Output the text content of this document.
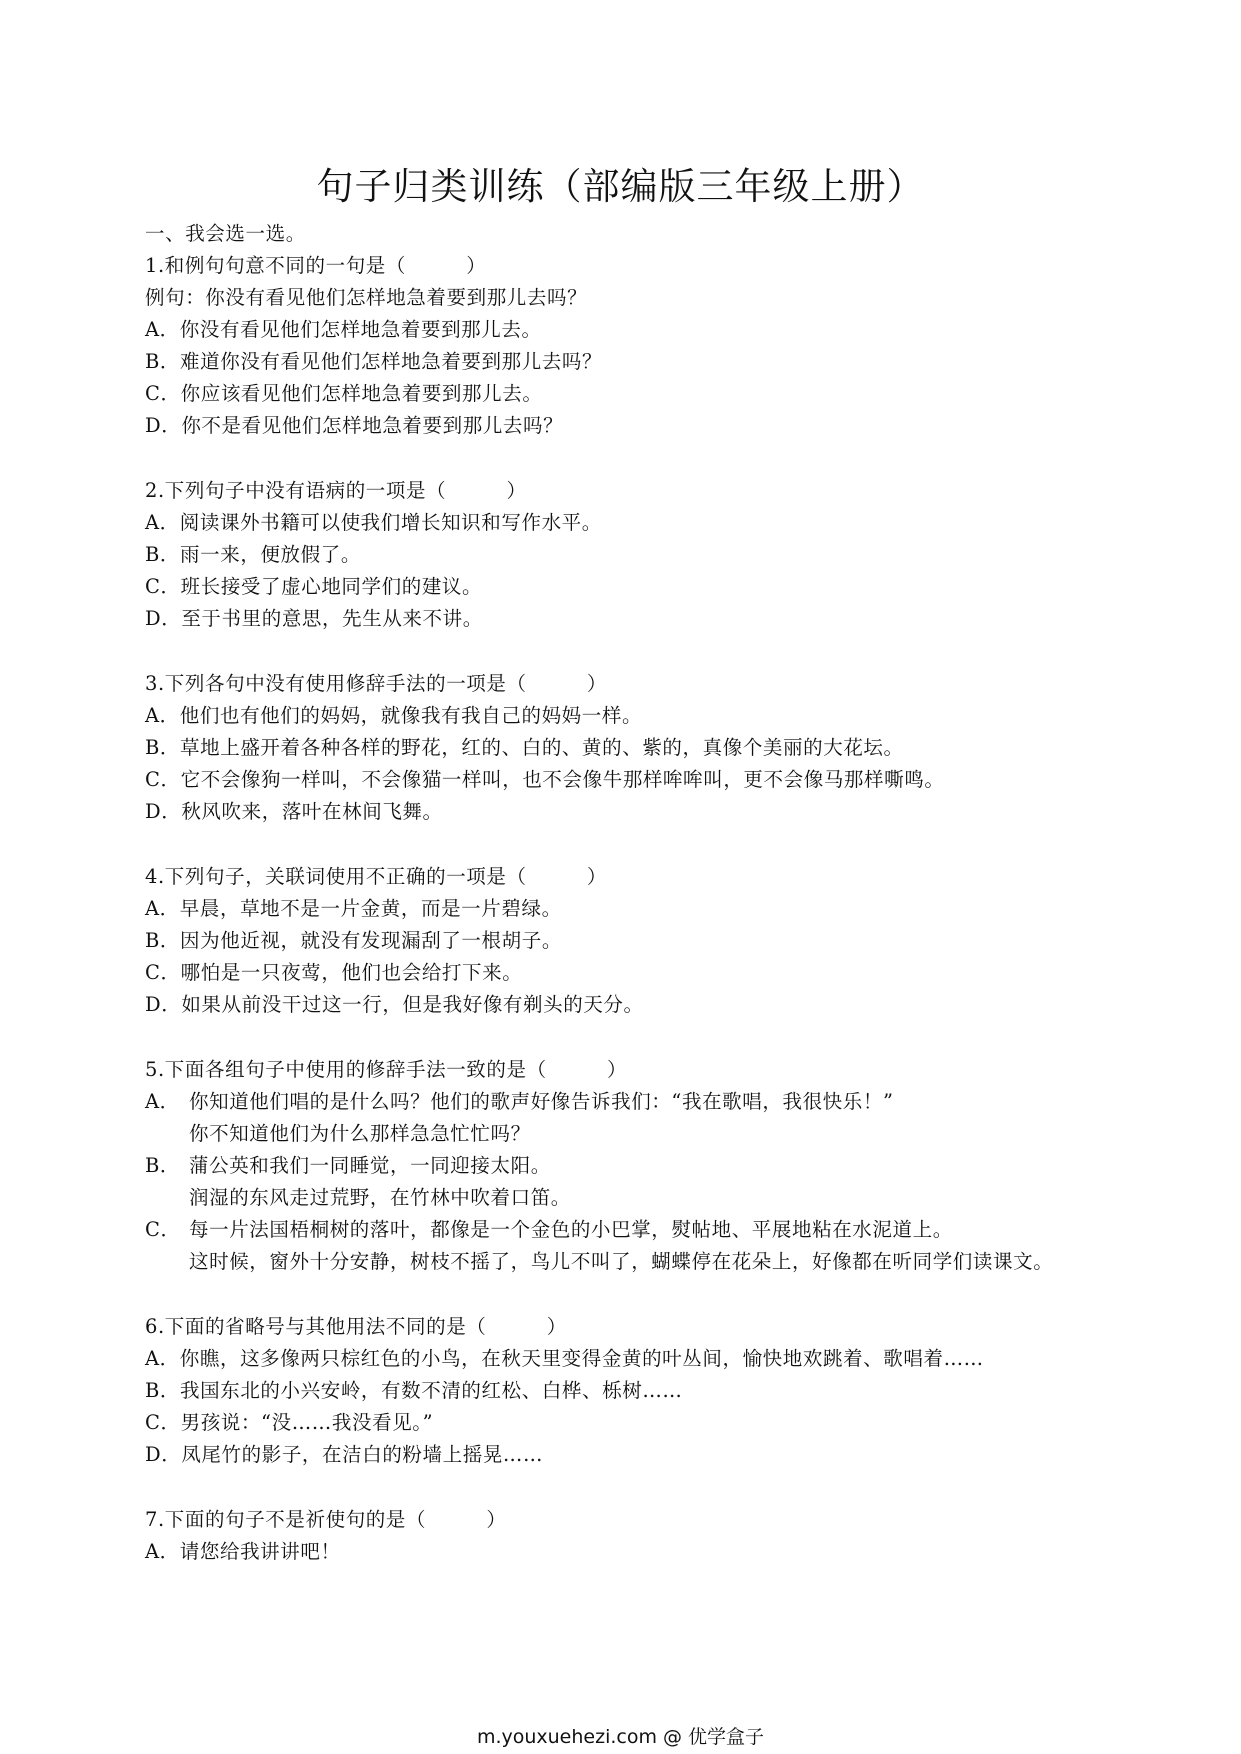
句子归类训练（部编版三年级上册）
一、我会选一选。
1.和例句句意不同的一句是（　　　）
例句：你没有看见他们怎样地急着要到那儿去吗？
A．你没有看见他们怎样地急着要到那儿去。
B．难道你没有看见他们怎样地急着要到那儿去吗？
C．你应该看见他们怎样地急着要到那儿去。
D．你不是看见他们怎样地急着要到那儿去吗？
2.下列句子中没有语病的一项是（　　　）
A．阅读课外书籍可以使我们增长知识和写作水平。
B．雨一来，便放假了。
C．班长接受了虚心地同学们的建议。
D．至于书里的意思，先生从来不讲。
3.下列各句中没有使用修辞手法的一项是（　　　）
A．他们也有他们的妈妈，就像我有我自己的妈妈一样。
B．草地上盛开着各种各样的野花，红的、白的、黄的、紫的，真像个美丽的大花坛。
C．它不会像狗一样叫，不会像猫一样叫，也不会像牛那样哞哞叫，更不会像马那样嘶鸣。
D．秋风吹来，落叶在林间飞舞。
4.下列句子，关联词使用不正确的一项是（　　　）
A．早晨，草地不是一片金黄，而是一片碧绿。
B．因为他近视，就没有发现漏刮了一根胡子。
C．哪怕是一只夜莺，他们也会给打下来。
D．如果从前没干过这一行，但是我好像有剃头的天分。
5.下面各组句子中使用的修辞手法一致的是（　　　）
A． 你知道他们唱的是什么吗？他们的歌声好像告诉我们：“我在歌唱，我很快乐！”
你不知道他们为什么那样急急忙忙吗？
B． 蒲公英和我们一同睡觉，一同迎接太阳。
润湿的东风走过荒野，在竹林中吹着口笛。
C． 每一片法国梧桐树的落叶，都像是一个金色的小巴掌，熨帖地、平展地粘在水泥道上。
这时候，窗外十分安静，树枝不摇了，鸟儿不叫了，蝴蝶停在花朵上，好像都在听同学们读课文。
6.下面的省略号与其他用法不同的是（　　　）
A．你瞧，这多像两只棕红色的小鸟，在秋天里变得金黄的叶丛间，愉快地欢跳着、歌唱着……
B．我国东北的小兴安岭，有数不清的红松、白桦、栎树……
C．男孩说：“没……我没看见。”
D．凤尾竹的影子，在洁白的粉墙上摇晃……
7.下面的句子不是祈使句的是（　　　）
A．请您给我讲讲吧！
m.youxuehezi.com @ 优学盒子
